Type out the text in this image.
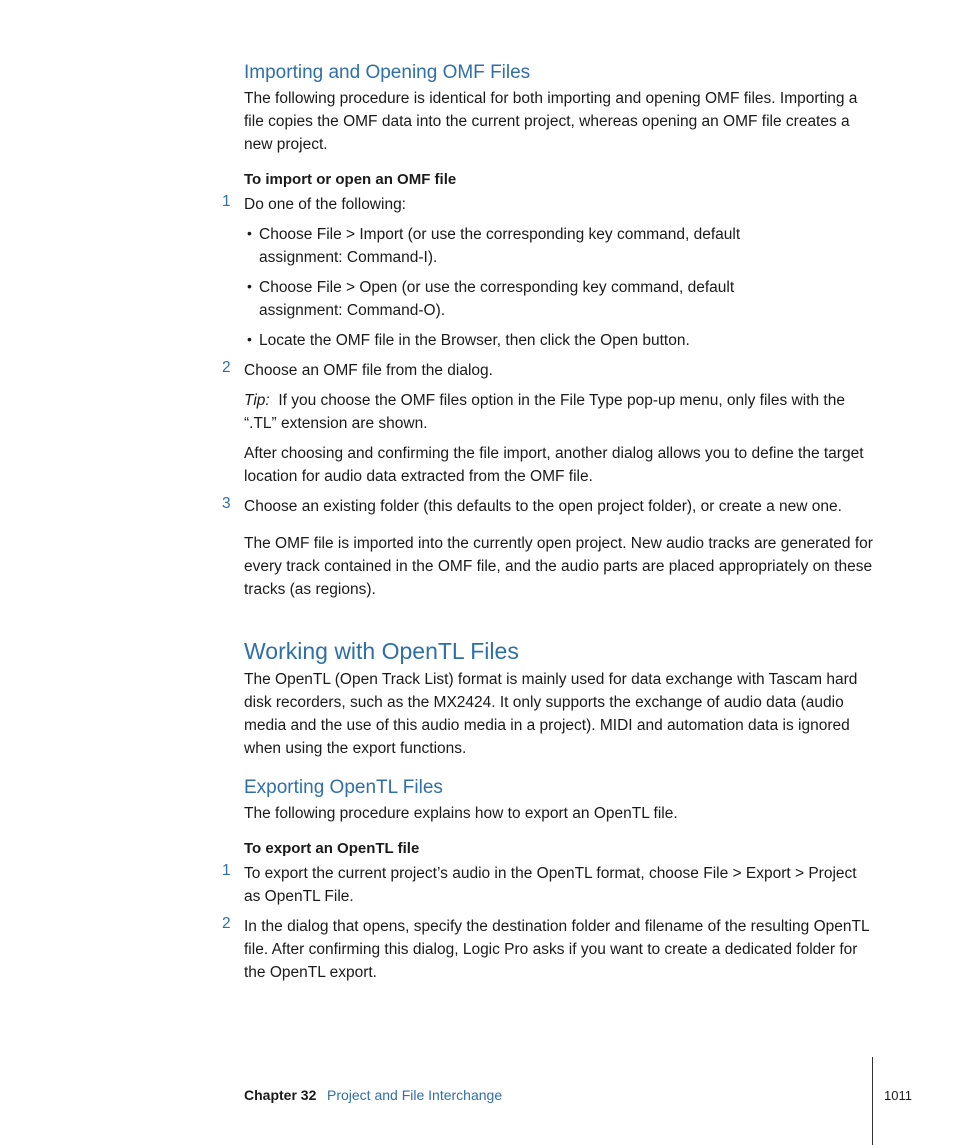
Importing and Opening OMF Files
The following procedure is identical for both importing and opening OMF files. Importing a file copies the OMF data into the current project, whereas opening an OMF file creates a new project.
To import or open an OMF file
1 Do one of the following:
• Choose File > Import (or use the corresponding key command, default assignment: Command-I).
• Choose File > Open (or use the corresponding key command, default assignment: Command-O).
• Locate the OMF file in the Browser, then click the Open button.
2 Choose an OMF file from the dialog.
Tip: If you choose the OMF files option in the File Type pop-up menu, only files with the “.TL” extension are shown.
After choosing and confirming the file import, another dialog allows you to define the target location for audio data extracted from the OMF file.
3 Choose an existing folder (this defaults to the open project folder), or create a new one.
The OMF file is imported into the currently open project. New audio tracks are generated for every track contained in the OMF file, and the audio parts are placed appropriately on these tracks (as regions).
Working with OpenTL Files
The OpenTL (Open Track List) format is mainly used for data exchange with Tascam hard disk recorders, such as the MX2424. It only supports the exchange of audio data (audio media and the use of this audio media in a project). MIDI and automation data is ignored when using the export functions.
Exporting OpenTL Files
The following procedure explains how to export an OpenTL file.
To export an OpenTL file
1 To export the current project’s audio in the OpenTL format, choose File > Export > Project as OpenTL File.
2 In the dialog that opens, specify the destination folder and filename of the resulting OpenTL file. After confirming this dialog, Logic Pro asks if you want to create a dedicated folder for the OpenTL export.
Chapter 32 Project and File Interchange	1011
